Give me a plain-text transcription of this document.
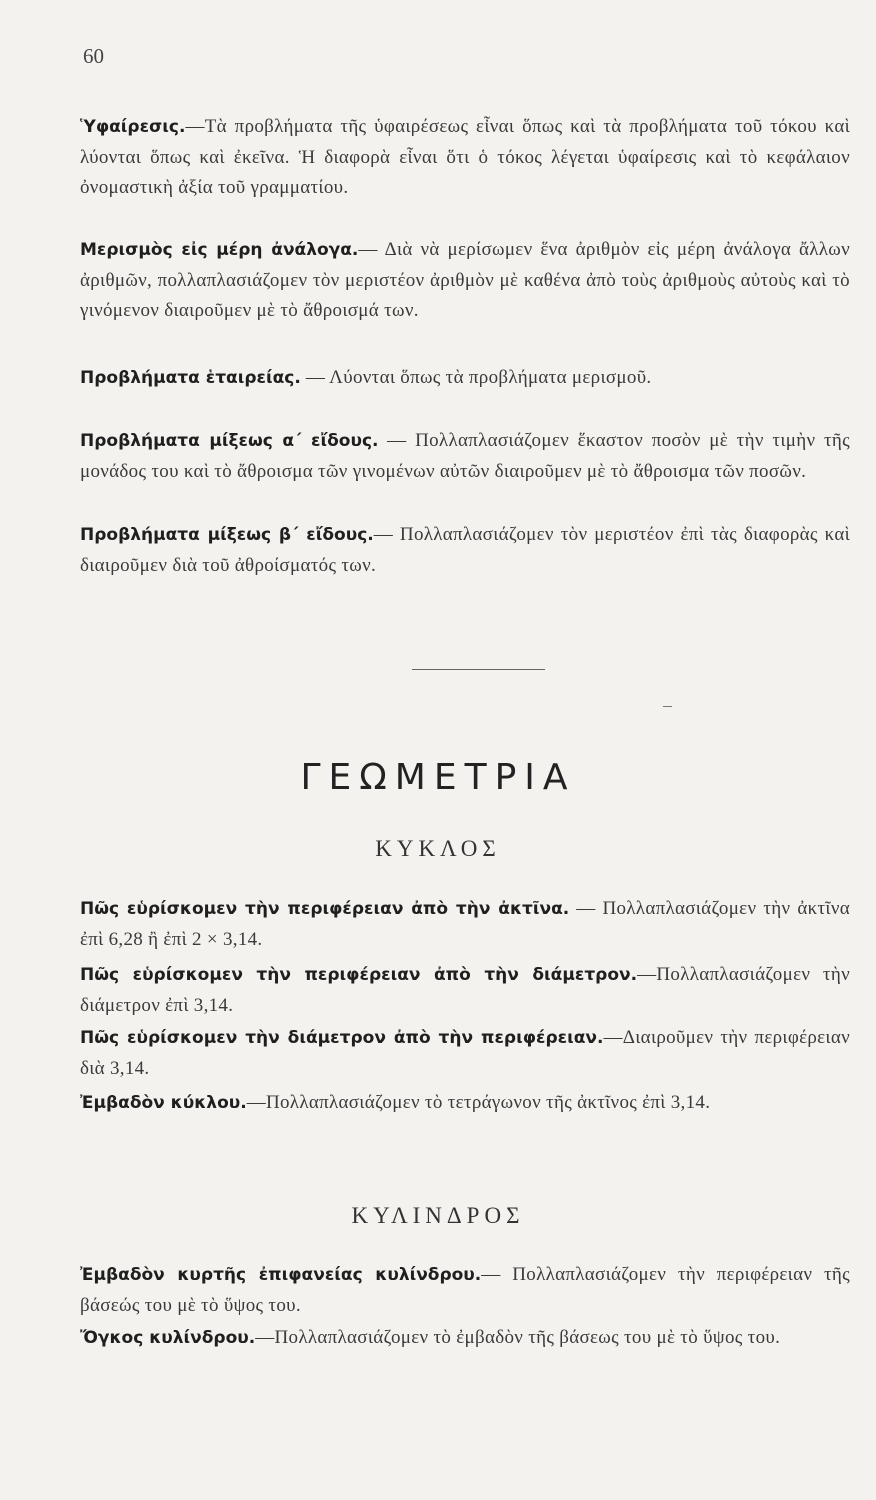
60
Ὑφαίρεσις.—Τὰ προβλήματα τῆς ὑφαιρέσεως εἶναι ὅπως καὶ τὰ προβλήματα τοῦ τόκου καὶ λύονται ὅπως καὶ ἐκεῖνα. Ἡ διαφορὰ εἶναι ὅτι ὁ τόκος λέγεται ὑφαίρεσις καὶ τὸ κεφάλαιον ὀνομαστικὴ ἀξία τοῦ γραμματίου.
Μερισμὸς εἰς μέρη ἀνάλογα.— Διὰ νὰ μερίσωμεν ἕνα ἀριθμὸν εἰς μέρη ἀνάλογα ἄλλων ἀριθμῶν, πολλαπλασιάζομεν τὸν μεριστέον ἀριθμὸν μὲ καθένα ἀπὸ τοὺς ἀριθμοὺς αὐτοὺς καὶ τὸ γινόμενον διαιροῦμεν μὲ τὸ ἄθροισμά των.
Προβλήματα ἑταιρείας. — Λύονται ὅπως τὰ προβλήματα μερισμοῦ.
Προβλήματα μίξεως α΄ εἴδους. — Πολλαπλασιάζομεν ἕκαστον ποσὸν μὲ τὴν τιμὴν τῆς μονάδος του καὶ τὸ ἄθροισμα τῶν γινομένων αὐτῶν διαιροῦμεν μὲ τὸ ἄθροισμα τῶν ποσῶν.
Προβλήματα μίξεως β΄ εἴδους.— Πολλαπλασιάζομεν τὸν μεριστέον ἐπὶ τὰς διαφορὰς καὶ διαιροῦμεν διὰ τοῦ ἀθροίσματός των.
ΓΕΩΜΕΤΡΙΑ
ΚΥΚΛΟΣ
Πῶς εὑρίσκομεν τὴν περιφέρειαν ἀπὸ τὴν ἀκτῖνα. — Πολλαπλασιάζομεν τὴν ἀκτῖνα ἐπὶ 6,28 ἢ ἐπὶ 2 × 3,14.
Πῶς εὑρίσκομεν τὴν περιφέρειαν ἀπὸ τὴν διάμετρον.—Πολλαπλασιάζομεν τὴν διάμετρον ἐπὶ 3,14.
Πῶς εὑρίσκομεν τὴν διάμετρον ἀπὸ τὴν περιφέρειαν.—Διαιροῦμεν τὴν περιφέρειαν διὰ 3,14.
Ἐμβαδὸν κύκλου.—Πολλαπλασιάζομεν τὸ τετράγωνον τῆς ἀκτῖνος ἐπὶ 3,14.
ΚΥΛΙΝΔΡΟΣ
Ἐμβαδὸν κυρτῆς ἐπιφανείας κυλίνδρου.— Πολλαπλασιάζομεν τὴν περιφέρειαν τῆς βάσεώς του μὲ τὸ ὕψος του.
Ὄγκος κυλίνδρου.—Πολλαπλασιάζομεν τὸ ἐμβαδὸν τῆς βάσεως του μὲ τὸ ὕψος του.
